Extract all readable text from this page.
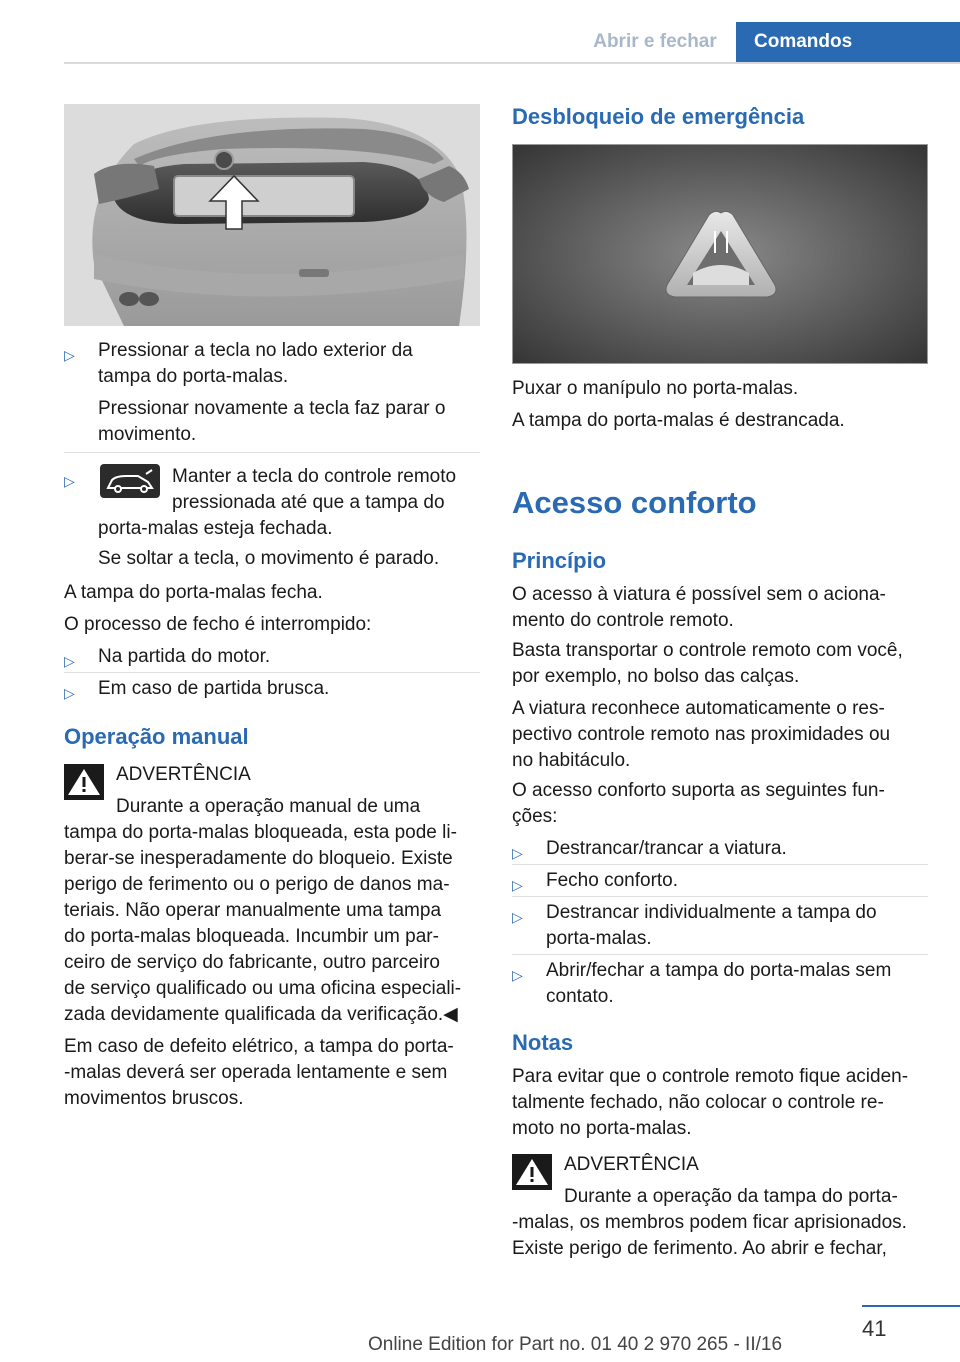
Abrir e fechar	Comandos
▷ Pressionar a tecla no lado exterior da
tampa do porta-malas.
Pressionar novamente a tecla faz parar o
movimento.
▷	Manter a tecla do controle remoto
pressionada até que a tampa do
porta-malas esteja fechada.
Se soltar a tecla, o movimento é parado.
A tampa do porta-malas fecha.
O processo de fecho é interrompido:
▷ Na partida do motor.
▷ Em caso de partida brusca.
Operação manual
ADVERTÊNCIA
Durante a operação manual de uma
tampa do porta-malas bloqueada, esta pode li-
berar-se inesperadamente do bloqueio. Existe
perigo de ferimento ou o perigo de danos ma-
teriais. Não operar manualmente uma tampa
do porta-malas bloqueada. Incumbir um par-
ceiro de serviço do fabricante, outro parceiro
de serviço qualificado ou uma oficina especiali-
zada devidamente qualificada da verificação.◀
Em caso de defeito elétrico, a tampa do porta-
-malas deverá ser operada lentamente e sem
movimentos bruscos.
Desbloqueio de emergência
Puxar o manípulo no porta-malas.
A tampa do porta-malas é destrancada.
Acesso conforto
Princípio
O acesso à viatura é possível sem o aciona-
mento do controle remoto.
Basta transportar o controle remoto com você,
por exemplo, no bolso das calças.
A viatura reconhece automaticamente o res-
pectivo controle remoto nas proximidades ou
no habitáculo.
O acesso conforto suporta as seguintes fun-
ções:
▷ Destrancar/trancar a viatura.
▷ Fecho conforto.
▷ Destrancar individualmente a tampa do
porta-malas.
▷ Abrir/fechar a tampa do porta-malas sem
contato.
Notas
Para evitar que o controle remoto fique aciden-
talmente fechado, não colocar o controle re-
moto no porta-malas.
ADVERTÊNCIA
Durante a operação da tampa do porta-
-malas, os membros podem ficar aprisionados.
Existe perigo de ferimento. Ao abrir e fechar,
41
Online Edition for Part no. 01 40 2 970 265 - II/16
